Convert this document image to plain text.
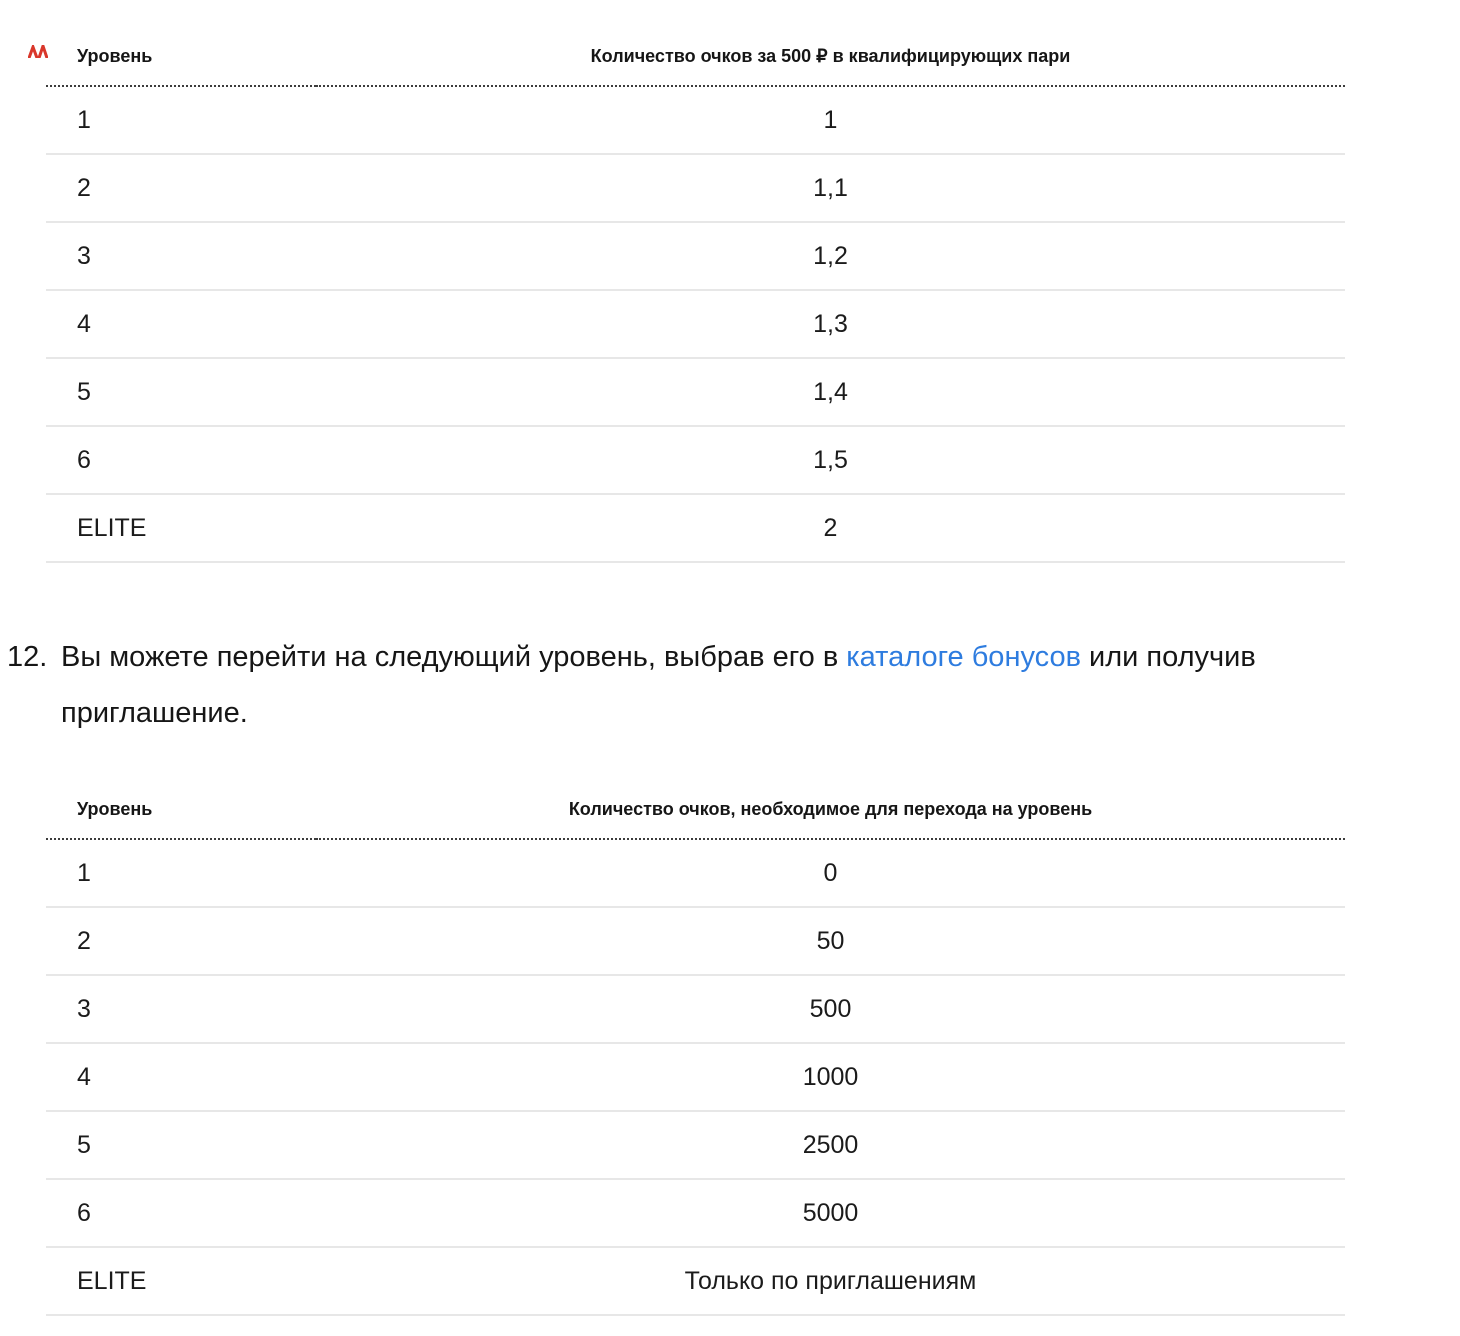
Уровень	Количество очков за 500 ₽ в квалифицирующих пари
1	1
2	1,1
3	1,2
4	1,3
5	1,4
6	1,5
ELITE	2
12. Вы можете перейти на следующий уровень, выбрав его в каталоге бонусов или получив приглашение.
Уровень	Количество очков, необходимое для перехода на уровень
1	0
2	50
3	500
4	1000
5	2500
6	5000
ELITE	Только по приглашениям
